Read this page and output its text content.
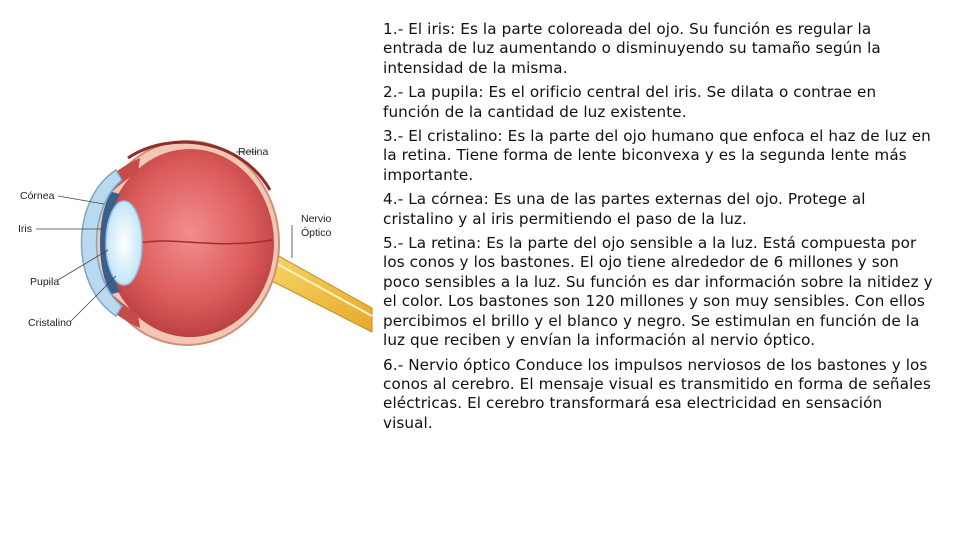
Retina
Córnea
Iris
Pupila
Cristalino
Nervio
Óptico

1.- El iris: Es la parte coloreada del ojo. Su función es regular la entrada de luz aumentando o disminuyendo su tamaño según la intensidad de la misma.

2.- La pupila: Es el orificio central del iris. Se dilata o contrae en función de la cantidad de luz existente.

3.- El cristalino: Es la parte del ojo humano que enfoca el haz de luz en la retina. Tiene forma de lente biconvexa y es la segunda lente más importante.

4.- La córnea: Es una de las partes externas del ojo. Protege al cristalino y al iris permitiendo el paso de la luz.

5.- La retina: Es la parte del ojo sensible a la luz. Está compuesta por los conos y los bastones. El ojo tiene alrededor de 6 millones y son poco sensibles a la luz. Su función es dar información sobre la nitidez y el color. Los bastones son 120 millones y son muy sensibles. Con ellos percibimos el brillo y el blanco y negro. Se estimulan en función de la luz que reciben y envían la información al nervio óptico.

6.- Nervio óptico Conduce los impulsos nerviosos de los bastones y los conos al cerebro. El mensaje visual es transmitido en forma de señales eléctricas. El cerebro transformará esa electricidad en sensación visual.
